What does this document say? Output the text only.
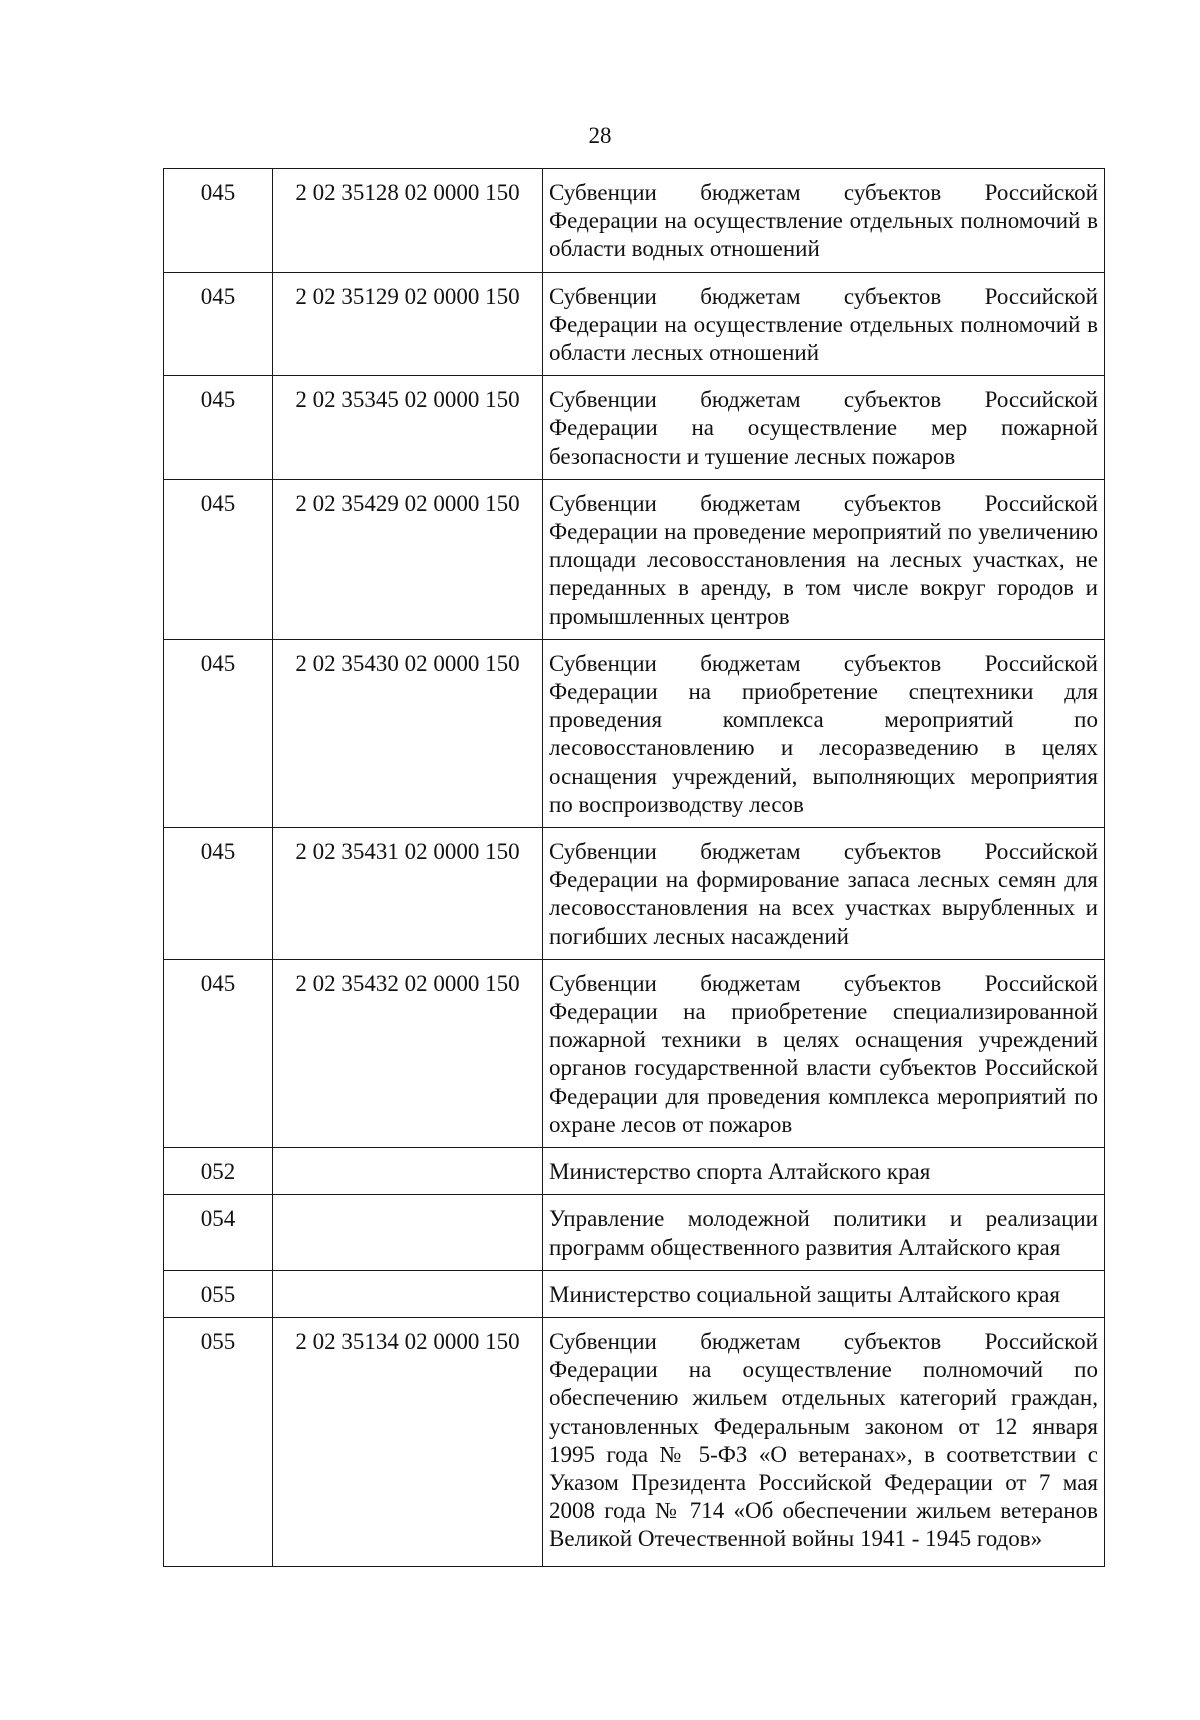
28
045	2 02 35128 02 0000 150	Субвенции бюджетам субъектов Российской Федерации на осуществление отдельных полномочий в области водных отношений
045	2 02 35129 02 0000 150	Субвенции бюджетам субъектов Российской Федерации на осуществление отдельных полномочий в области лесных отношений
045	2 02 35345 02 0000 150	Субвенции бюджетам субъектов Российской Федерации на осуществление мер пожарной безопасности и тушение лесных пожаров
045	2 02 35429 02 0000 150	Субвенции бюджетам субъектов Российской Федерации на проведение мероприятий по увеличению площади лесовосстановления на лесных участках, не переданных в аренду, в том числе вокруг городов и промышленных центров
045	2 02 35430 02 0000 150	Субвенции бюджетам субъектов Российской Федерации на приобретение спецтехники для проведения комплекса мероприятий по лесовосстановлению и лесоразведению в целях оснащения учреждений, выполняющих мероприятия по воспроизводству лесов
045	2 02 35431 02 0000 150	Субвенции бюджетам субъектов Российской Федерации на формирование запаса лесных семян для лесовосстановления на всех участках вырубленных и погибших лесных насаждений
045	2 02 35432 02 0000 150	Субвенции бюджетам субъектов Российской Федерации на приобретение специализированной пожарной техники в целях оснащения учреждений органов государственной власти субъектов Российской Федерации для проведения комплекса мероприятий по охране лесов от пожаров
052		Министерство спорта Алтайского края
054		Управление молодежной политики и реализации программ общественного развития Алтайского края
055		Министерство социальной защиты Алтайского края
055	2 02 35134 02 0000 150	Субвенции бюджетам субъектов Российской Федерации на осуществление полномочий по обеспечению жильем отдельных категорий граждан, установленных Федеральным законом от 12 января 1995 года № 5-ФЗ «О ветеранах», в соответствии с Указом Президента Российской Федерации от 7 мая 2008 года № 714 «Об обеспечении жильем ветеранов Великой Отечественной войны 1941 - 1945 годов»
